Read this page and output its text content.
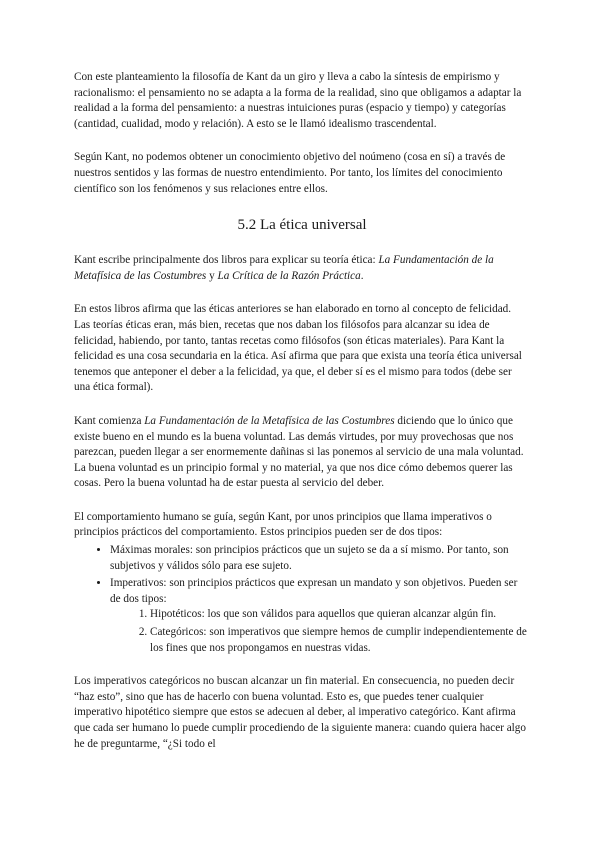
Con este planteamiento la filosofía de Kant da un giro y lleva a cabo la síntesis de empirismo y racionalismo: el pensamiento no se adapta a la forma de la realidad, sino que obligamos a adaptar la realidad a la forma del pensamiento: a nuestras intuiciones puras (espacio y tiempo) y categorías (cantidad, cualidad, modo y relación). A esto se le llamó idealismo trascendental.

Según Kant, no podemos obtener un conocimiento objetivo del noúmeno (cosa en sí) a través de nuestros sentidos y las formas de nuestro entendimiento. Por tanto, los límites del conocimiento científico son los fenómenos y sus relaciones entre ellos.

5.2 La ética universal

Kant escribe principalmente dos libros para explicar su teoría ética: La Fundamentación de la Metafísica de las Costumbres y La Crítica de la Razón Práctica.

En estos libros afirma que las éticas anteriores se han elaborado en torno al concepto de felicidad. Las teorías éticas eran, más bien, recetas que nos daban los filósofos para alcanzar su idea de felicidad, habiendo, por tanto, tantas recetas como filósofos (son éticas materiales). Para Kant la felicidad es una cosa secundaria en la ética. Así afirma que para que exista una teoría ética universal tenemos que anteponer el deber a la felicidad, ya que, el deber sí es el mismo para todos (debe ser una ética formal).

Kant comienza La Fundamentación de la Metafísica de las Costumbres diciendo que lo único que existe bueno en el mundo es la buena voluntad. Las demás virtudes, por muy provechosas que nos parezcan, pueden llegar a ser enormemente dañinas si las ponemos al servicio de una mala voluntad. La buena voluntad es un principio formal y no material, ya que nos dice cómo debemos querer las cosas. Pero la buena voluntad ha de estar puesta al servicio del deber.

El comportamiento humano se guía, según Kant, por unos principios que llama imperativos o principios prácticos del comportamiento. Estos principios pueden ser de dos tipos:

• Máximas morales: son principios prácticos que un sujeto se da a sí mismo. Por tanto, son subjetivos y válidos sólo para ese sujeto.
• Imperativos: son principios prácticos que expresan un mandato y son objetivos. Pueden ser de dos tipos:
1. Hipotéticos: los que son válidos para aquellos que quieran alcanzar algún fin.
2. Categóricos: son imperativos que siempre hemos de cumplir independientemente de los fines que nos propongamos en nuestras vidas.

Los imperativos categóricos no buscan alcanzar un fin material. En consecuencia, no pueden decir “haz esto”, sino que has de hacerlo con buena voluntad. Esto es, que puedes tener cualquier imperativo hipotético siempre que estos se adecuen al deber, al imperativo categórico. Kant afirma que cada ser humano lo puede cumplir procediendo de la siguiente manera: cuando quiera hacer algo he de preguntarme, “¿Si todo el
